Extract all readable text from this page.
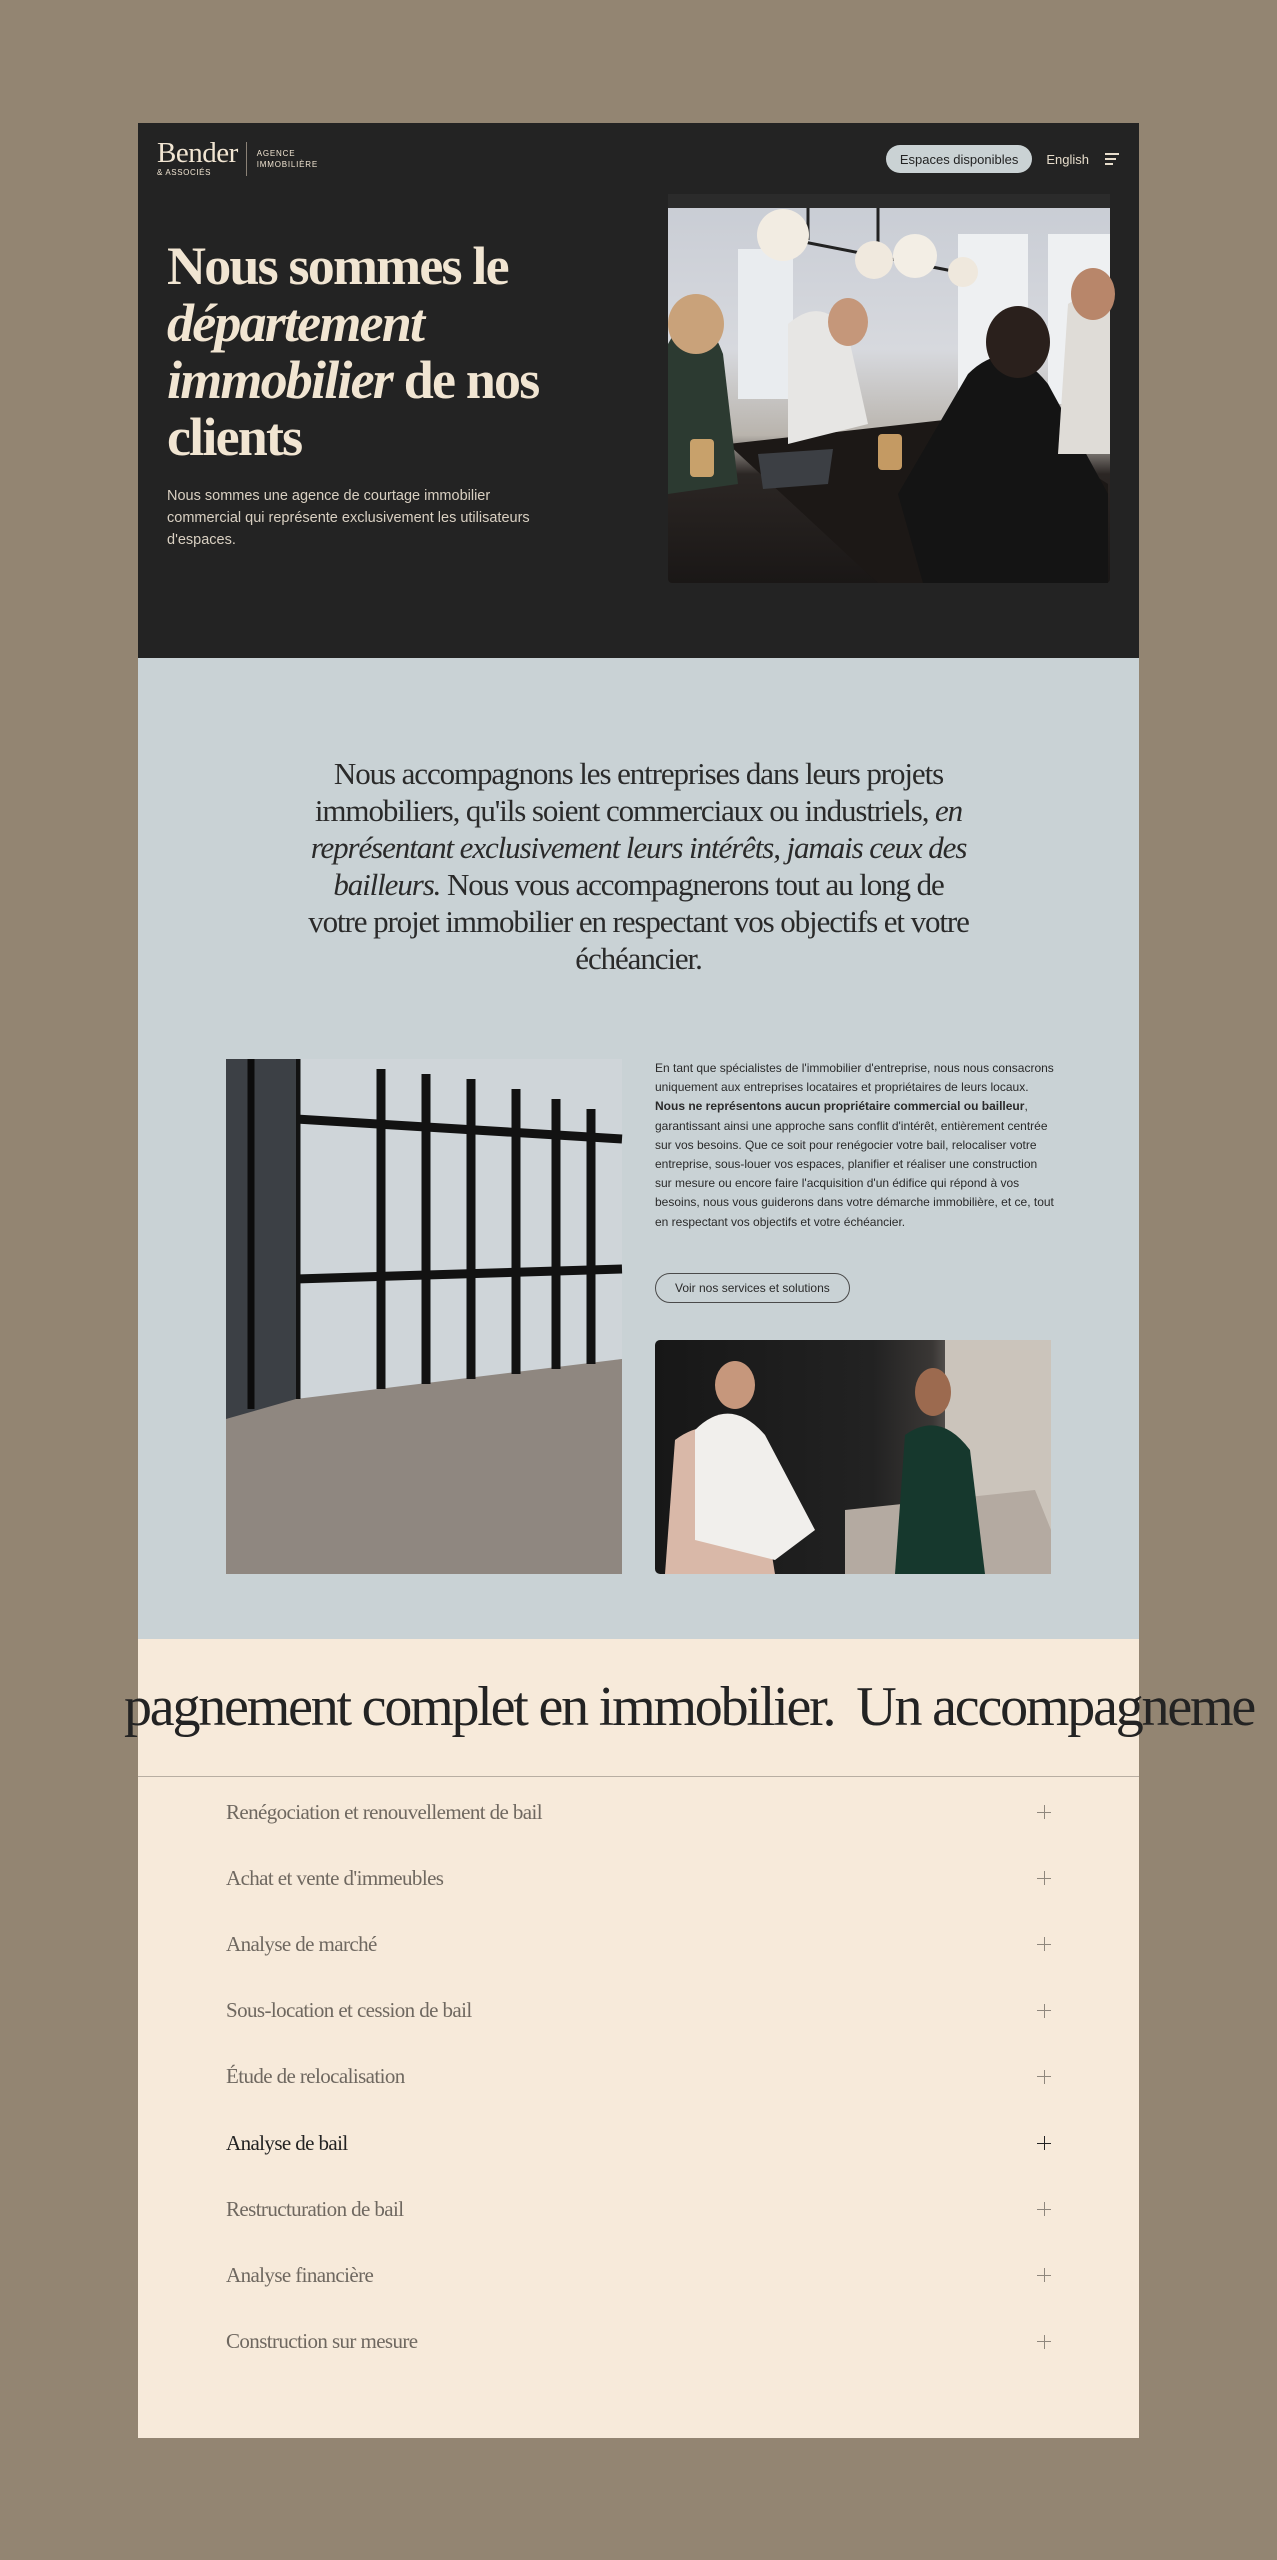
Bender
& ASSOCIÉS
AGENCE
IMMOBILIÈRE	Espaces disponibles	English
Nous sommes le
département
immobilier de nos clients

Nous sommes une agence de courtage immobilier commercial qui représente exclusivement les utilisateurs d'espaces.

Nous accompagnons les entreprises dans leurs projets immobiliers, qu'ils soient commerciaux ou industriels, en représentant exclusivement leurs intérêts, jamais ceux des bailleurs. Nous vous accompagnerons tout au long de votre projet immobilier en respectant vos objectifs et votre échéancier.

En tant que spécialistes de l'immobilier d'entreprise, nous nous consacrons uniquement aux entreprises locataires et propriétaires de leurs locaux. Nous ne représentons aucun propriétaire commercial ou bailleur, garantissant ainsi une approche sans conflit d'intérêt, entièrement centrée sur vos besoins. Que ce soit pour renégocier votre bail, relocaliser votre entreprise, sous-louer vos espaces, planifier et réaliser une construction sur mesure ou encore faire l'acquisition d'un édifice qui répond à vos besoins, nous vous guiderons dans votre démarche immobilière, et ce, tout en respectant vos objectifs et votre échéancier.

Voir nos services et solutions
pagnement complet en immobilier. Un accompagneme
Renégociation et renouvellement de bail
Achat et vente d'immeubles
Analyse de marché
Sous-location et cession de bail
Étude de relocalisation
Analyse de bail
Restructuration de bail
Analyse financière
Construction sur mesure
